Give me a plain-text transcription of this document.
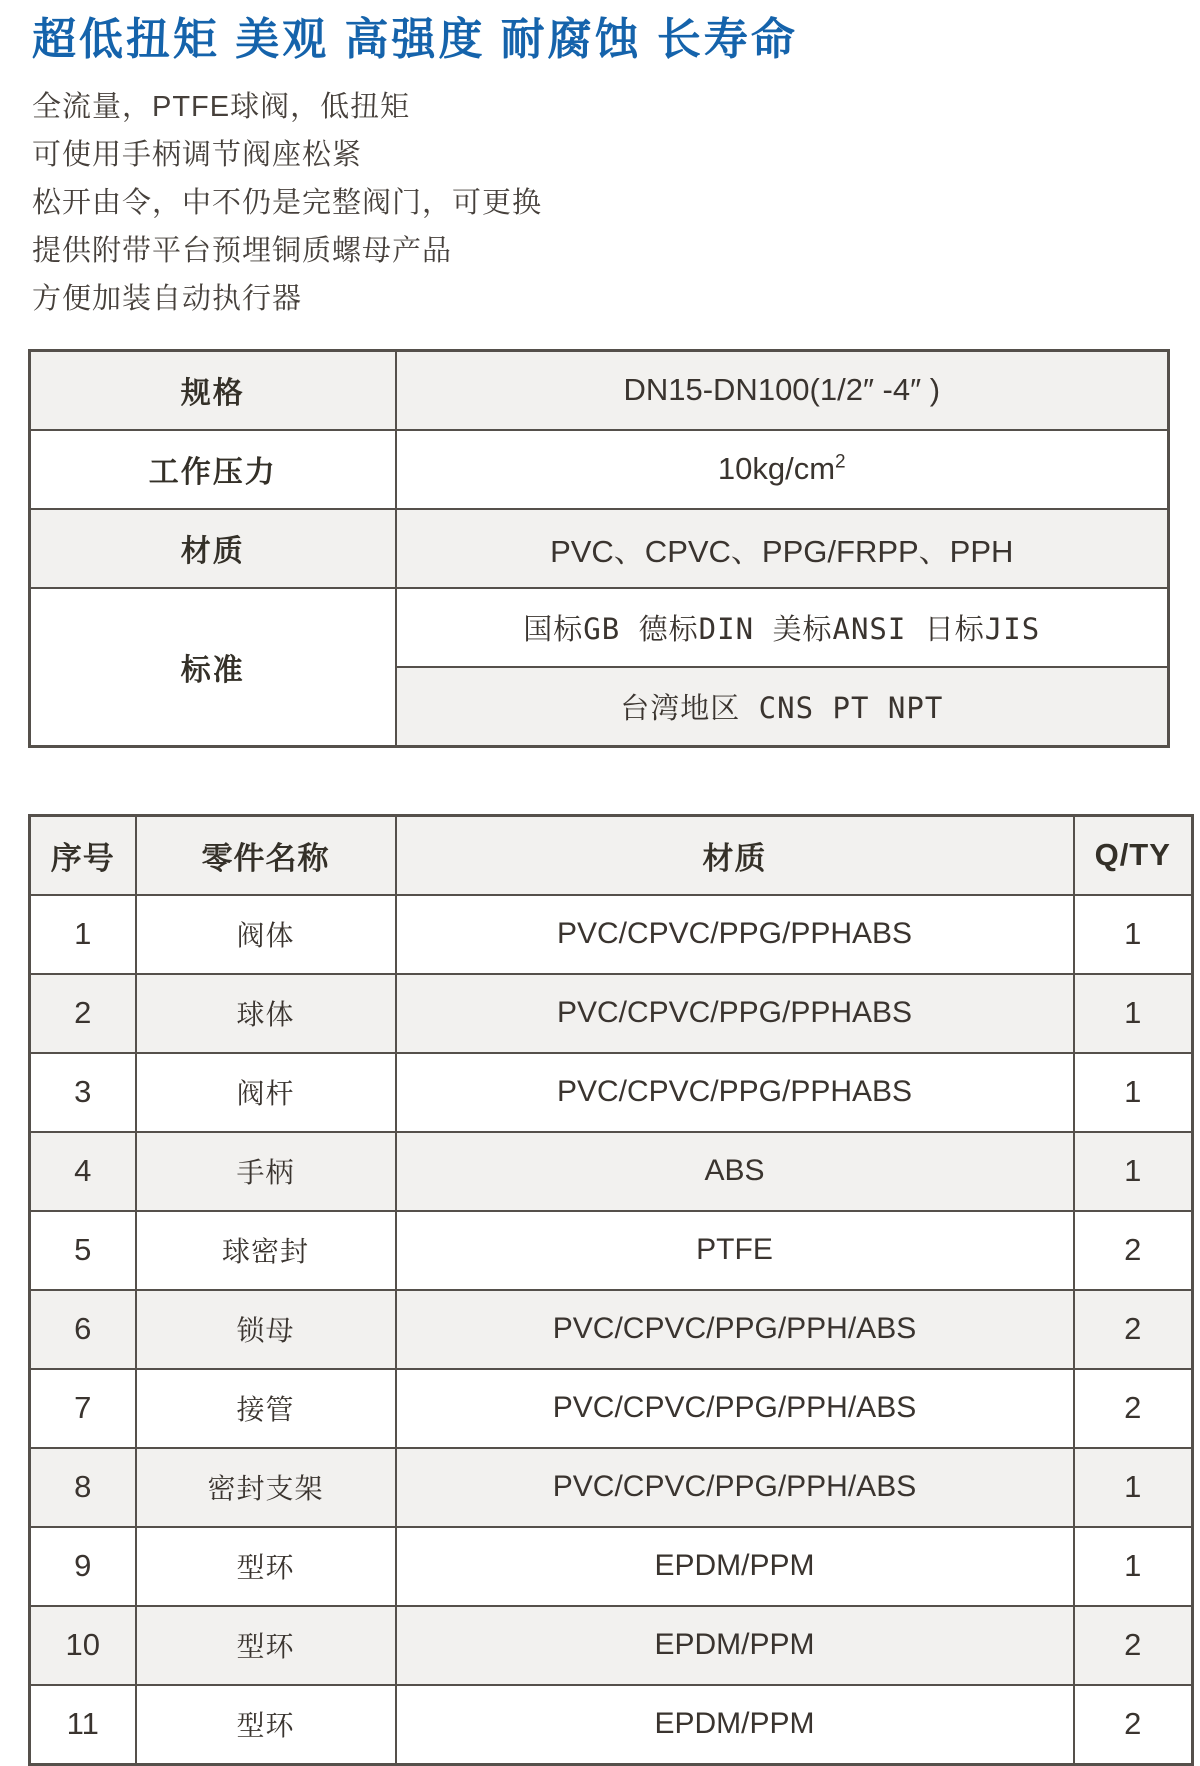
超低扭矩 美观 高强度 耐腐蚀 长寿命

全流量，PTFE球阀，低扭矩

可使用手柄调节阀座松紧

松开由令，中不仍是完整阀门，可更换

提供附带平台预埋铜质螺母产品

方便加装自动执行器

规格	DN15-DN100(1/2″ -4″ )
工作压力	$10kg/cm^2$
材质	PVC、CPVC、PPG/FRPP、PPH
标准	国标GB 德标DIN 美标ANSI 日标JIS
	台湾地区 CNS PT NPT
序号	零件名称	材质	Q/TY
1	阀体	PVC/CPVC/PPG/PPHABS	1
2	球体	PVC/CPVC/PPG/PPHABS	1
3	阀杆	PVC/CPVC/PPG/PPHABS	1
4	手柄	ABS	1
5	球密封	PTFE	2
6	锁母	PVC/CPVC/PPG/PPH/ABS	2
7	接管	PVC/CPVC/PPG/PPH/ABS	2
8	密封支架	PVC/CPVC/PPG/PPH/ABS	1
9	型环	EPDM/PPM	1
10	型环	EPDM/PPM	2
11	型环	EPDM/PPM	2
